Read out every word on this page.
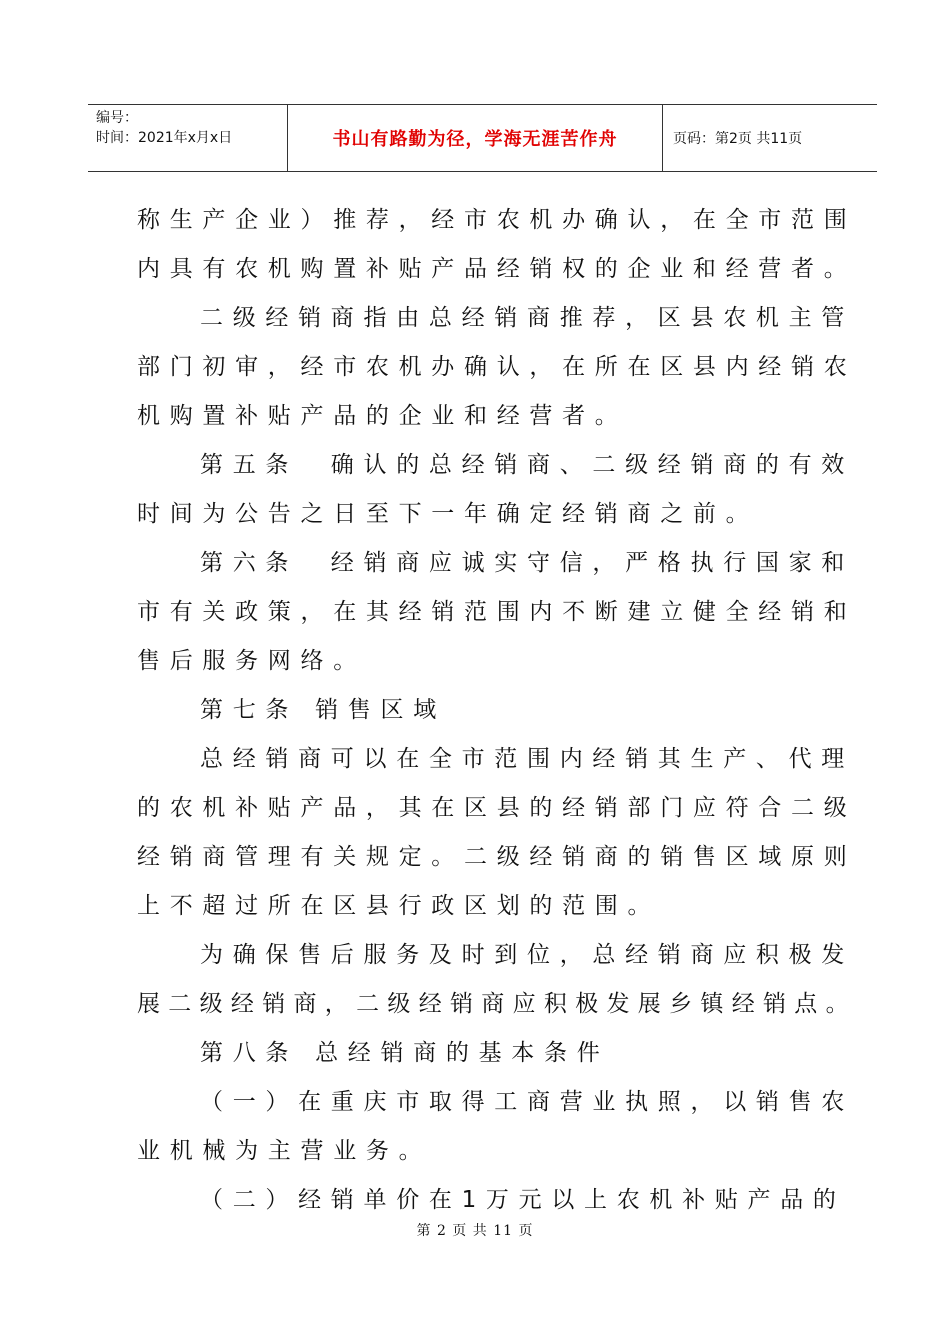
编号：
时间：2021年x月x日	书山有路勤为径，学海无涯苦作舟	页码：第2页 共11页
称生产企业）推荐，经市农机办确认，在全市范围
内具有农机购置补贴产品经销权的企业和经营者。
二级经销商指由总经销商推荐，区县农机主管
部门初审，经市农机办确认，在所在区县内经销农
机购置补贴产品的企业和经营者。
第五条　确认的总经销商、二级经销商的有效
时间为公告之日至下一年确定经销商之前。
第六条　经销商应诚实守信，严格执行国家和
市有关政策，在其经销范围内不断建立健全经销和
售后服务网络。
第七条 销售区域
总经销商可以在全市范围内经销其生产、代理
的农机补贴产品，其在区县的经销部门应符合二级
经销商管理有关规定。二级经销商的销售区域原则
上不超过所在区县行政区划的范围。
为确保售后服务及时到位，总经销商应积极发
展二级经销商，二级经销商应积极发展乡镇经销点。
第八条 总经销商的基本条件
（一）在重庆市取得工商营业执照，以销售农
业机械为主营业务。
（二）经销单价在1万元以上农机补贴产品的
第 2 页 共 11 页
